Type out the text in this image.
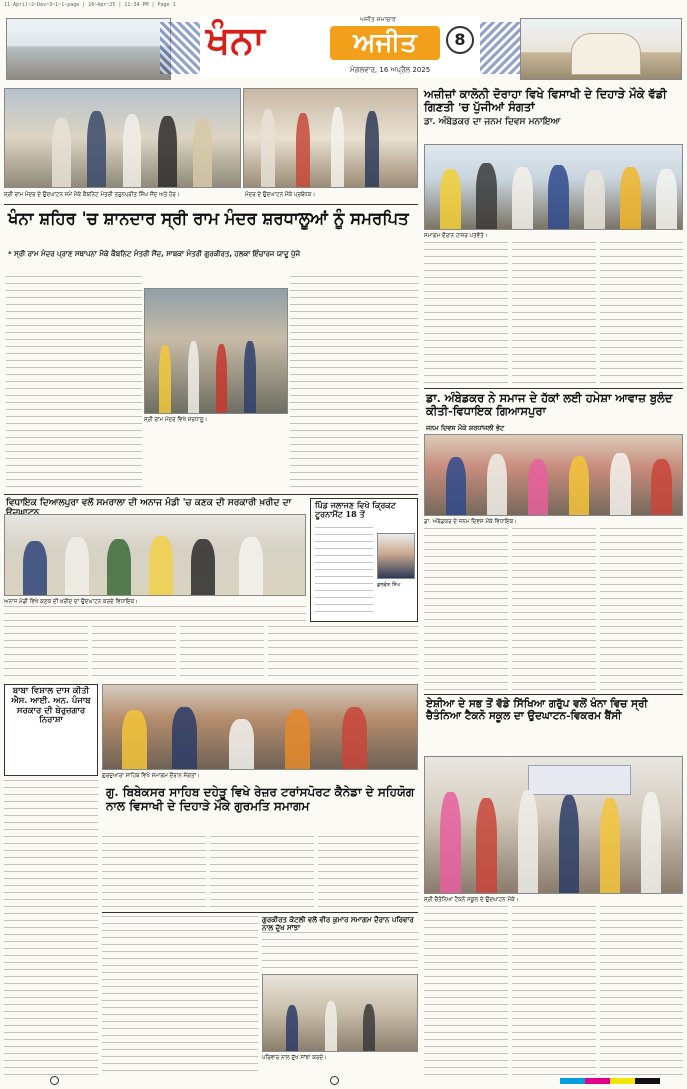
11-April~2~Dev~3~1~1-page | 16~Apr~25 | 11:34 PM | Page 1
ਖੰਨਾ	ਅਜੀਤ
ਅਜੀਤ ਸਮਾਚਾਰ
8
ਮੰਗਲਵਾਰ, 16 ਅਪ੍ਰੈਲ 2025
ਸ੍ਰੀ ਰਾਮ ਮੰਦਰ ਦੇ ਉਦਘਾਟਨ ਸਮੇਂ ਮੌਕੇ ਕੈਬਨਿਟ ਮੰਤਰੀ ਤਰੁਨਪ੍ਰੀਤ ਸਿੰਘ ਸੌਂਦ ਅਤੇ ਹੋਰ।	ਮੰਦਰ ਦੇ ਉਦਘਾਟਨ ਮੌਕੇ ਪ੍ਰਬੰਧਕ।
ਅਜ਼ੀਜ਼ਾਂ ਕਾਲੋਨੀ ਦੋਰਾਹਾ ਵਿਖੇ ਵਿਸਾਖੀ ਦੇ ਦਿਹਾੜੇ ਮੌਕੇ ਵੱਡੀ ਗਿਣਤੀ 'ਚ ਪੁੱਜੀਆਂ ਸੰਗਤਾਂ
ਡਾ. ਅੰਬੇਡਕਰ ਦਾ ਜਨਮ ਦਿਵਸ ਮਨਾਇਆ
ਸਮਾਗਮ ਦੌਰਾਨ ਹਾਜ਼ਰ ਪਤਵੰਤੇ।
ਖੰਨਾ ਸ਼ਹਿਰ 'ਚ ਸ਼ਾਨਦਾਰ ਸ੍ਰੀ ਰਾਮ ਮੰਦਰ ਸ਼ਰਧਾਲੂਆਂ ਨੂੰ ਸਮਰਪਿਤ
* ਸ੍ਰੀ ਰਾਮ ਮੰਦਰ ਪ੍ਰਾਣ ਸਥਾਪਨਾ ਮੌਕੇ ਕੈਬਨਿਟ ਮੰਤਰੀ ਸੌਂਦ, ਸਾਬਕਾ ਮੰਤਰੀ ਗੁਰਕੀਰਤ, ਹਲਕਾ ਇੰਚਾਰਜ ਯਾਦੂ ਪੁੱਜੇ
ਸ੍ਰੀ ਰਾਮ ਮੰਦਰ ਵਿਖੇ ਸ਼ਰਧਾਲੂ।
ਡਾ. ਅੰਬੇਡਕਰ ਨੇ ਸਮਾਜ ਦੇ ਹੱਕਾਂ ਲਈ ਹਮੇਸ਼ਾ ਆਵਾਜ਼ ਬੁਲੰਦ ਕੀਤੀ-ਵਿਧਾਇਕ ਗਿਆਸਪੁਰਾ
ਜਨਮ ਦਿਵਸ ਮੌਕੇ ਸ਼ਰਧਾਂਜਲੀ ਭੇਟ
ਡਾ. ਅੰਬੇਡਕਰ ਦੇ ਜਨਮ ਦਿਵਸ ਮੌਕੇ ਵਿਧਾਇਕ।
ਵਿਧਾਇਕ ਦਿਆਲਪੁਰਾ ਵਲੋਂ ਸਮਰਾਲਾ ਦੀ ਅਨਾਜ ਮੰਡੀ 'ਚ ਕਣਕ ਦੀ ਸਰਕਾਰੀ ਖ਼ਰੀਦ ਦਾ
ਅਨਾਜ ਮੰਡੀ ਵਿਖੇ ਕਣਕ ਦੀ ਖ਼ਰੀਦ ਦਾ ਉਦਘਾਟਨ ਕਰਦੇ ਵਿਧਾਇਕ।
ਪਿੰਡ ਜਲਾਜਣ ਵਿਖੇ ਕ੍ਰਿਕਟ ਟੂਰਨਾਮੈਂਟ 18 ਤੋਂ
ਕੁਲਵੰਤ ਸਿੰਘ
ਬਾਬਾ ਵਿਸ਼ਾਲ ਦਾਸ ਕੀਤੀ ਐਸ. ਆਈ. ਅਨ. ਪੰਜਾਬ ਸਰਕਾਰ ਦੀ ਬੇਰੁਜ਼ਗਾਰ ਨਿਰਾਸ਼ਾ
ਗੁਰਦੁਆਰਾ ਸਾਹਿਬ ਵਿਖੇ ਸਮਾਗਮ ਦੌਰਾਨ ਸੰਗਤਾਂ।
ਗੁ. ਬਿਬੇਕਸਰ ਸਾਹਿਬ ਦਹੇੜੂ ਵਿਖੇ ਰੇਜ਼ਰ ਟਰਾਂਸਪੋਰਟ ਕੈਨੇਡਾ ਦੇ ਸਹਿਯੋਗ ਨਾਲ ਵਿਸਾਖੀ ਦੇ ਦਿਹਾੜੇ ਮੌਕੇ ਗੁਰਮਤਿ ਸਮਾਗਮ
ਗੁਰਕੀਰਤ ਕੋਟਲੀ ਵਲੋਂ ਵੀਰ ਕੁਮਾਰ ਸਮਾਗਮ ਦੌਰਾਨ ਪਰਿਵਾਰ ਨਾਲ ਦੁੱਖ ਸਾਂਝਾ
ਪਰਿਵਾਰ ਨਾਲ ਦੁੱਖ ਸਾਂਝਾ ਕਰਦੇ।
ਏਸ਼ੀਆ ਦੇ ਸਭ ਤੋਂ ਵੱਡੇ ਸਿੱਖਿਆ ਗਰੁੱਪ ਵਲੋਂ ਖੰਨਾ ਵਿਚ ਸ੍ਰੀ ਚੈਤੰਨਿਆ ਟੈਕਨੋ ਸਕੂਲ ਦਾ ਉਦਘਾਟਨ-ਵਿਕਰਮ ਬੈਂਸੀ
ਸ੍ਰੀ ਚੈਤੰਨਿਆ ਟੈਕਨੋ ਸਕੂਲ ਦੇ ਉਦਘਾਟਨ ਮੌਕੇ।
